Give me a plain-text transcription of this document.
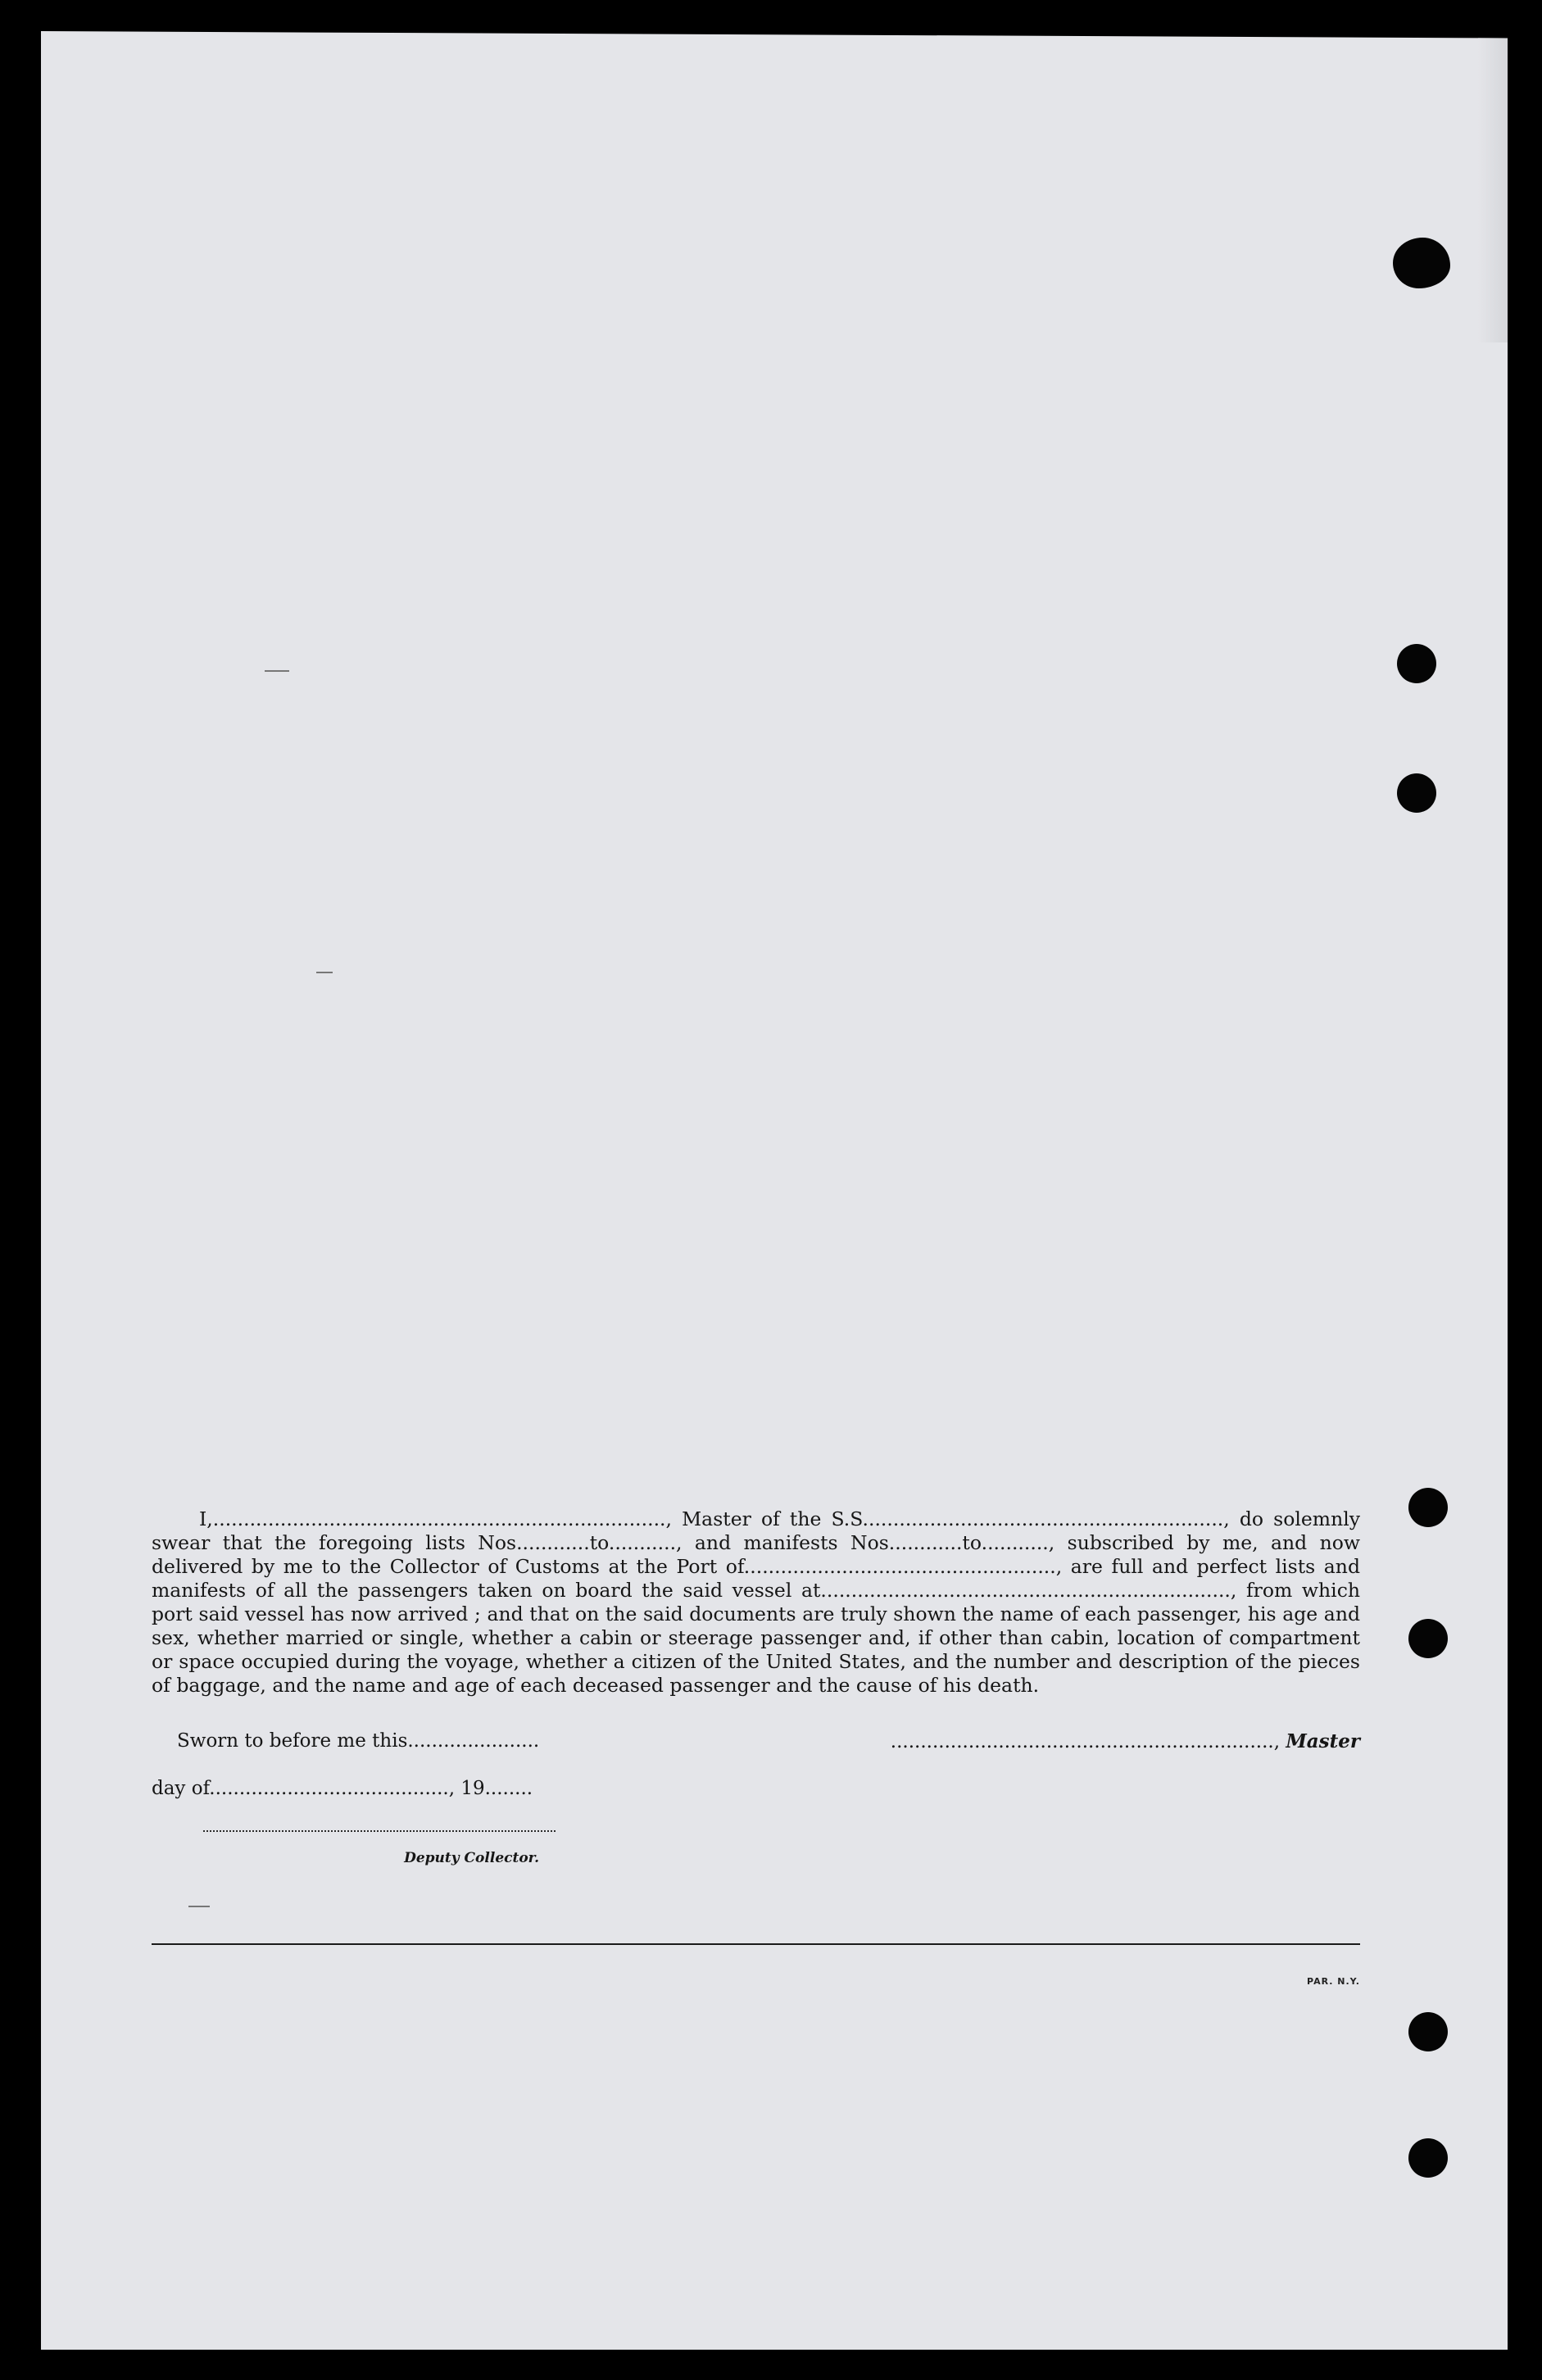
I,.........................................................................., Master of the S.S..........................................................., do solemnly swear that the foregoing lists Nos............to..........., and manifests Nos............to..........., subscribed by me, and now delivered by me to the Collector of Customs at the Port of..................................................., are full and perfect lists and manifests of all the passengers taken on board the said vessel at..................................................................., from which port said vessel has now arrived ; and that on the said documents are truly shown the name of each passenger, his age and sex, whether married or single, whether a cabin or steerage passenger and, if other than cabin, location of compartment or space occupied during the voyage, whether a citizen of the United States, and the number and description of the pieces of baggage, and the name and age of each deceased passenger and the cause of his death.

Sworn to before me this......................	................................................................, Master
day of........................................, 19........
Deputy Collector.
PAR. N.Y.
